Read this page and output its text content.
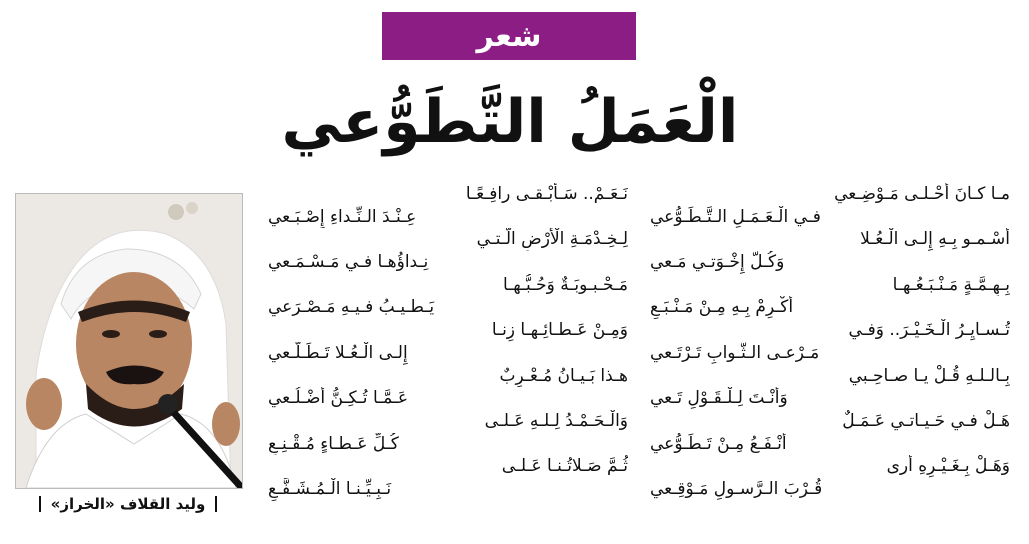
شعر
الْعَمَلُ التَّطَوُّعي
وليد القلاف «الخراز»
مـا كـانَ أَحْـلـى مَـوْضِـعي
فـي الْـعَـمَـلِ الـتَّـطَـوُّعي
أَسْـمـو بِـهِ إِلـى الْـعُـلا
وَكُـلُّ إِخْـوَتـي مَـعي
بِـهِـمَّـةٍ مَـنْـبَـعُـهـا
أَكْـرِمْ بِـهِ مِـنْ مَـنْـبَـعِ
تُـسـايِـرُ الْـخَـيْـرَ.. وَفـي
مَـرْعـى الـثَّـوابِ تَـرْتَـعي
بِـالـلـهِ قُـلْ يـا صـاحِـبي
وَأَنْـتَ لِـلْـقَـوْلِ تَـعي
هَـلْ فـي حَـيـاتـي عَـمَـلٌ
أَنْـفَـعُ مِـنْ تَـطَـوُّعي
وَهَـلْ بِـغَـيْـرِهِ أَرى
قُـرْبَ الـرَّسـولِ مَـوْقِـعي
نَـعَـمْ.. سَـأَبْـقـى رافِـعًـا
عِـنْـدَ الـنِّـداءِ إِصْـبَـعي
لِـخِـدْمَـةِ الْأَرْضِ الَّـتـي
نِـداؤُهـا فـي مَـسْـمَـعي
مَـحْـبـوبَـةٌ وَحُـبُّـهـا
يَـطـيـبُ فـيـهِ مَـصْـرَعي
وَمِـنْ عَـطـائِـهـا زِنـا
إِلـى الْـعُـلا تَـطَـلُّـعي
هـذا بَـيـانُ مُـعْـرِبٌ
عَـمَّـا تُـكِـنُّ أَضْـلُـعي
وَالْـحَـمْـدُ لِـلـهِ عَـلـى
كُـلِّ عَـطـاءٍ مُـقْـنِـعِ
ثُـمَّ صَـلاتُـنـا عَـلـى
نَـبِـيِّـنـا الْـمُـشَـفَّـعِ
